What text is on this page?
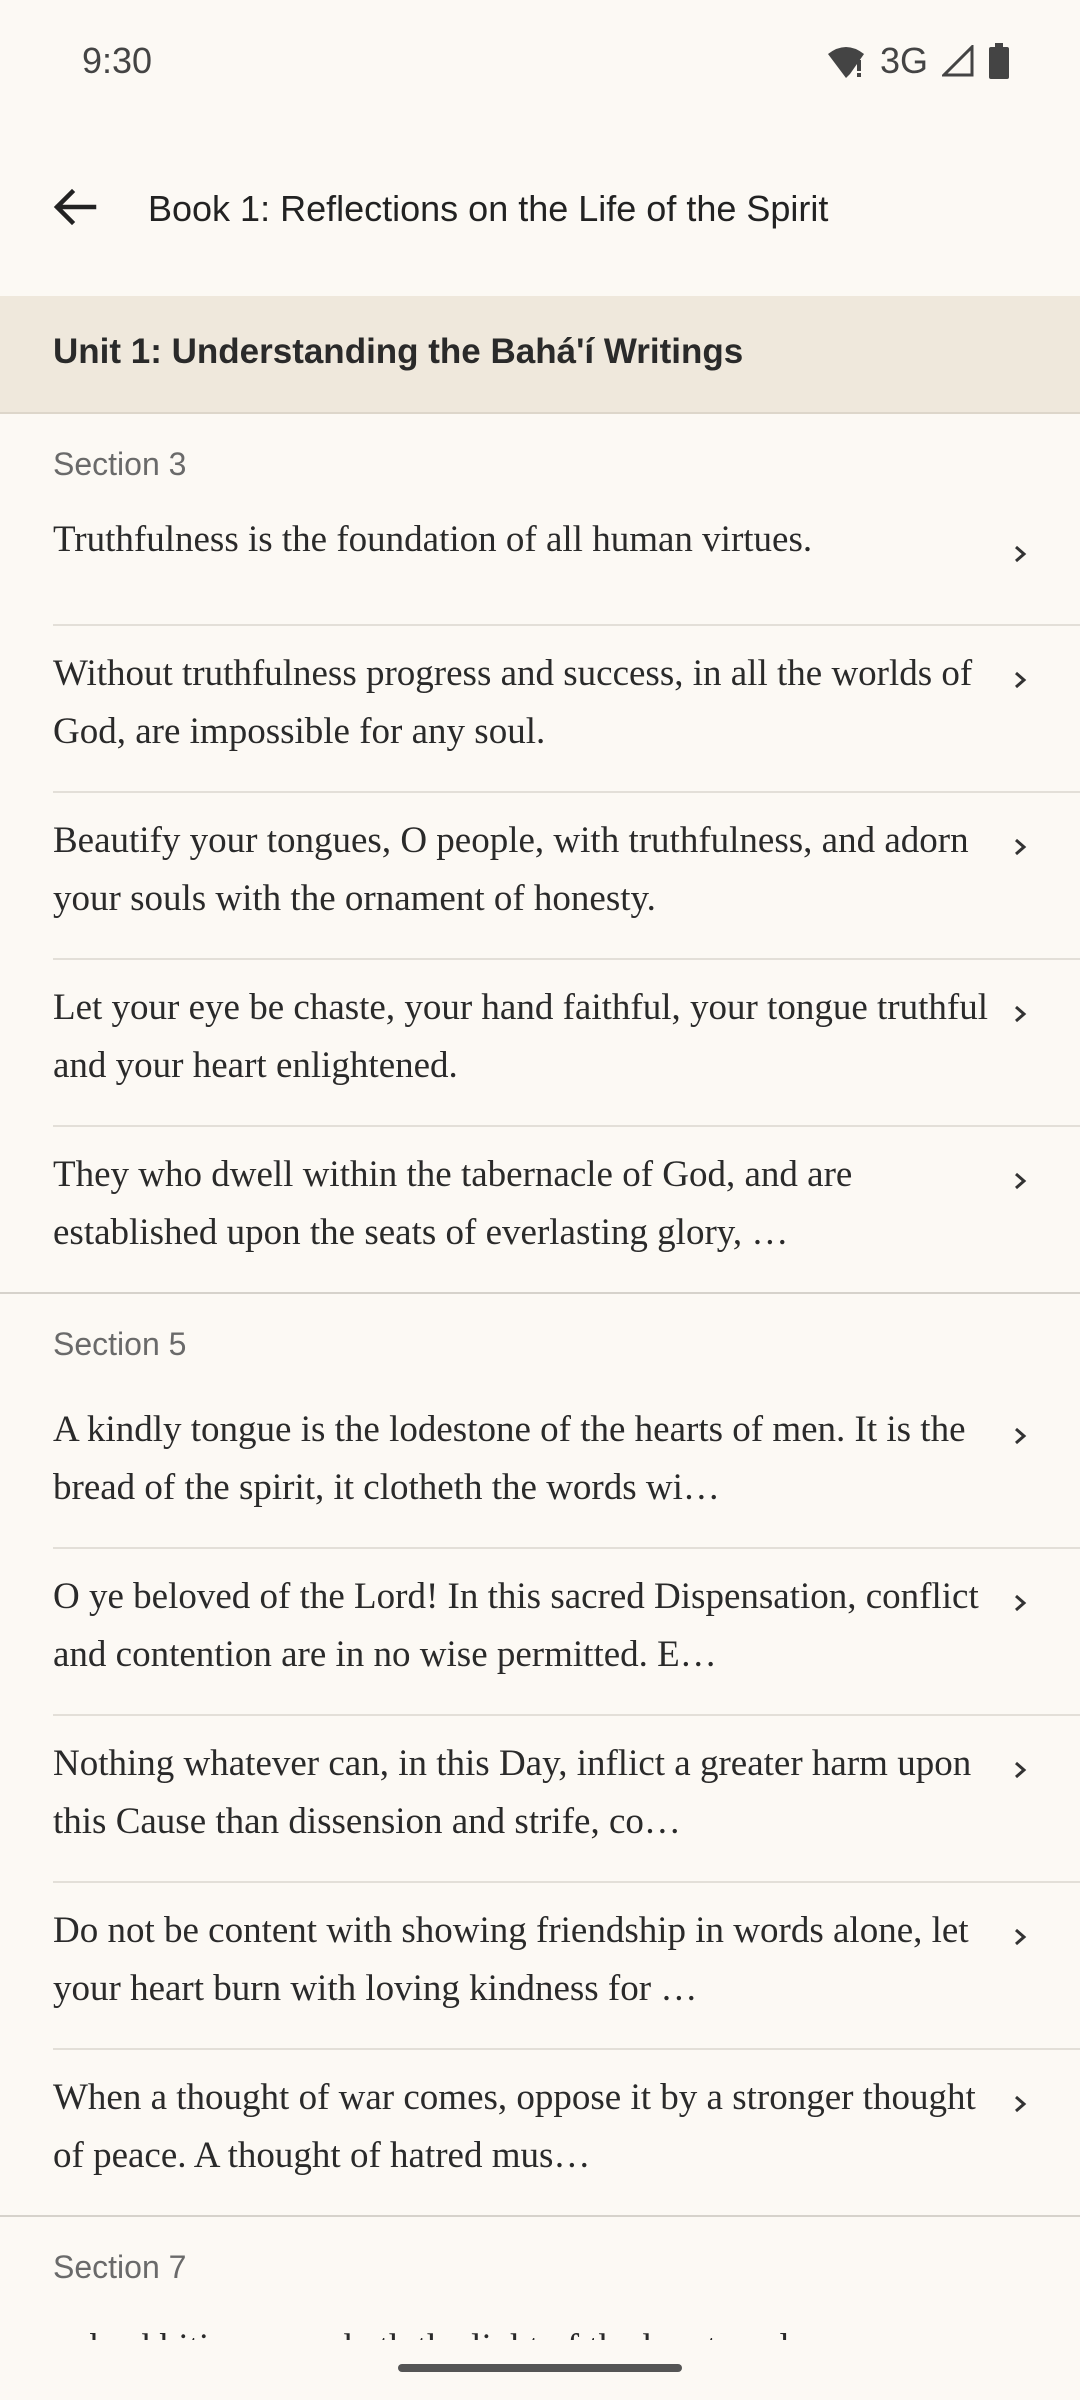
9:30	3G
Book 1: Reflections on the Life of the Spirit
Unit 1: Understanding the Bahá'í Writings
Section 3
Truthfulness is the foundation of all human virtues.
Without truthfulness progress and success, in all the worlds of God, are impossible for any soul.
Beautify your tongues, O people, with truthfulness, and adorn your souls with the ornament of honesty.
Let your eye be chaste, your hand faithful, your tongue truthful and your heart enlightened.
They who dwell within the tabernacle of God, and are established upon the seats of everlasting glory, …
Section 5
A kindly tongue is the lodestone of the hearts of men. It is the bread of the spirit, it clotheth the words wi…
O ye beloved of the Lord! In this sacred Dispensation, conflict and contention are in no wise permitted. E…
Nothing whatever can, in this Day, inflict a greater harm upon this Cause than dissension and strife, co…
Do not be content with showing friendship in words alone, let your heart burn with loving kindness for …
When a thought of war comes, oppose it by a stronger thought of peace. A thought of hatred mus…
Section 7
